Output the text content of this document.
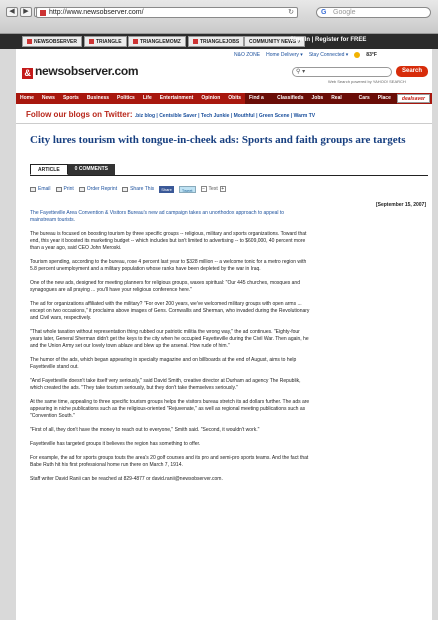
◀	▶	http://www.newsobserver.com/	↻	G Google
NEWSOBSERVER	TRIANGLE	TRIANGLEMOMZ	TRIANGLEJOBS COMMUNITY NEWS ▾
Sign In | Register for FREE
& newsobserver.com
N&O ZONE Home Delivery ▾ Stay Connected ▾	83°F
⚲ ▾	Search
Web Search powered by YAHOO! SEARCH
Home	News	Sports	Business	Politics	Life	Entertainment	Opinion	Obits	Find a Save
Classifieds	Jobs	Real Estate
Cars	Place Ad
dealsaver
Follow our blogs on Twitter: .biz blog | Centsible Saver | Tech Junkie | Mouthful | Green Scene | Warm TV
City lures tourism with tongue-in-cheek ads: Sports and faith groups are targets
ARTICLE	0 COMMENTS
Email	Print	Order Reprint	Share This	Share	Tweet	− Text +
[September 15, 2007]

The Fayetteville Area Convention & Visitors Bureau's new ad campaign takes an unorthodox approach to appeal to mainstream tourists.

The bureau is focused on boosting tourism by three specific groups -- religious, military and sports organizations. Toward that end, this year it boosted its marketing budget -- which includes but isn't limited to advertising -- to $609,000, 40 percent more than a year ago, said CEO John Meroski.

Tourism spending, according to the bureau, rose 4 percent last year to $328 million -- a welcome tonic for a metro region with 5.8 percent unemployment and a military population whose ranks have been depleted by the war in Iraq.

One of the new ads, designed for meeting planners for religious groups, waxes spiritual: "Our 445 churches, mosques and synagogues are all praying ... you'll have your religious conference here."

The ad for organizations affiliated with the military? "For over 200 years, we've welcomed military groups with open arms ... except on two occasions," it proclaims above images of Gens. Cornwallis and Sherman, who invaded during the Revolutionary and Civil wars, respectively.

"That whole taxation without representation thing rubbed our patriotic militia the wrong way," the ad continues. "Eighty-four years later, General Sherman didn't get the keys to the city when he occupied Fayetteville during the Civil War. Then again, he and the Union Army set our lovely town ablaze and blew up the arsenal. How rude of him."

The humor of the ads, which began appearing in specialty magazine and on billboards at the end of August, aims to help Fayetteville stand out.

"And Fayetteville doesn't take itself very seriously," said David Smith, creative director at Durham ad agency The Republik, which created the ads. "They take tourism seriously, but they don't take themselves seriously."

At the same time, appealing to three specific tourism groups helps the visitors bureau stretch its ad dollars further. The ads are appearing in niche publications such as the religious-oriented "Rejuvenate," as well as regional meeting publications such as "Convention South."

"First of all, they don't have the money to reach out to everyone," Smith said. "Second, it wouldn't work."

Fayetteville has targeted groups it believes the region has something to offer.

For example, the ad for sports groups touts the area's 20 golf courses and its pro and semi-pro sports teams. And the fact that Babe Ruth hit his first professional home run there on March 7, 1914.

Staff writer David Ranii can be reached at 829-4877 or david.ranii@newsobserver.com.
